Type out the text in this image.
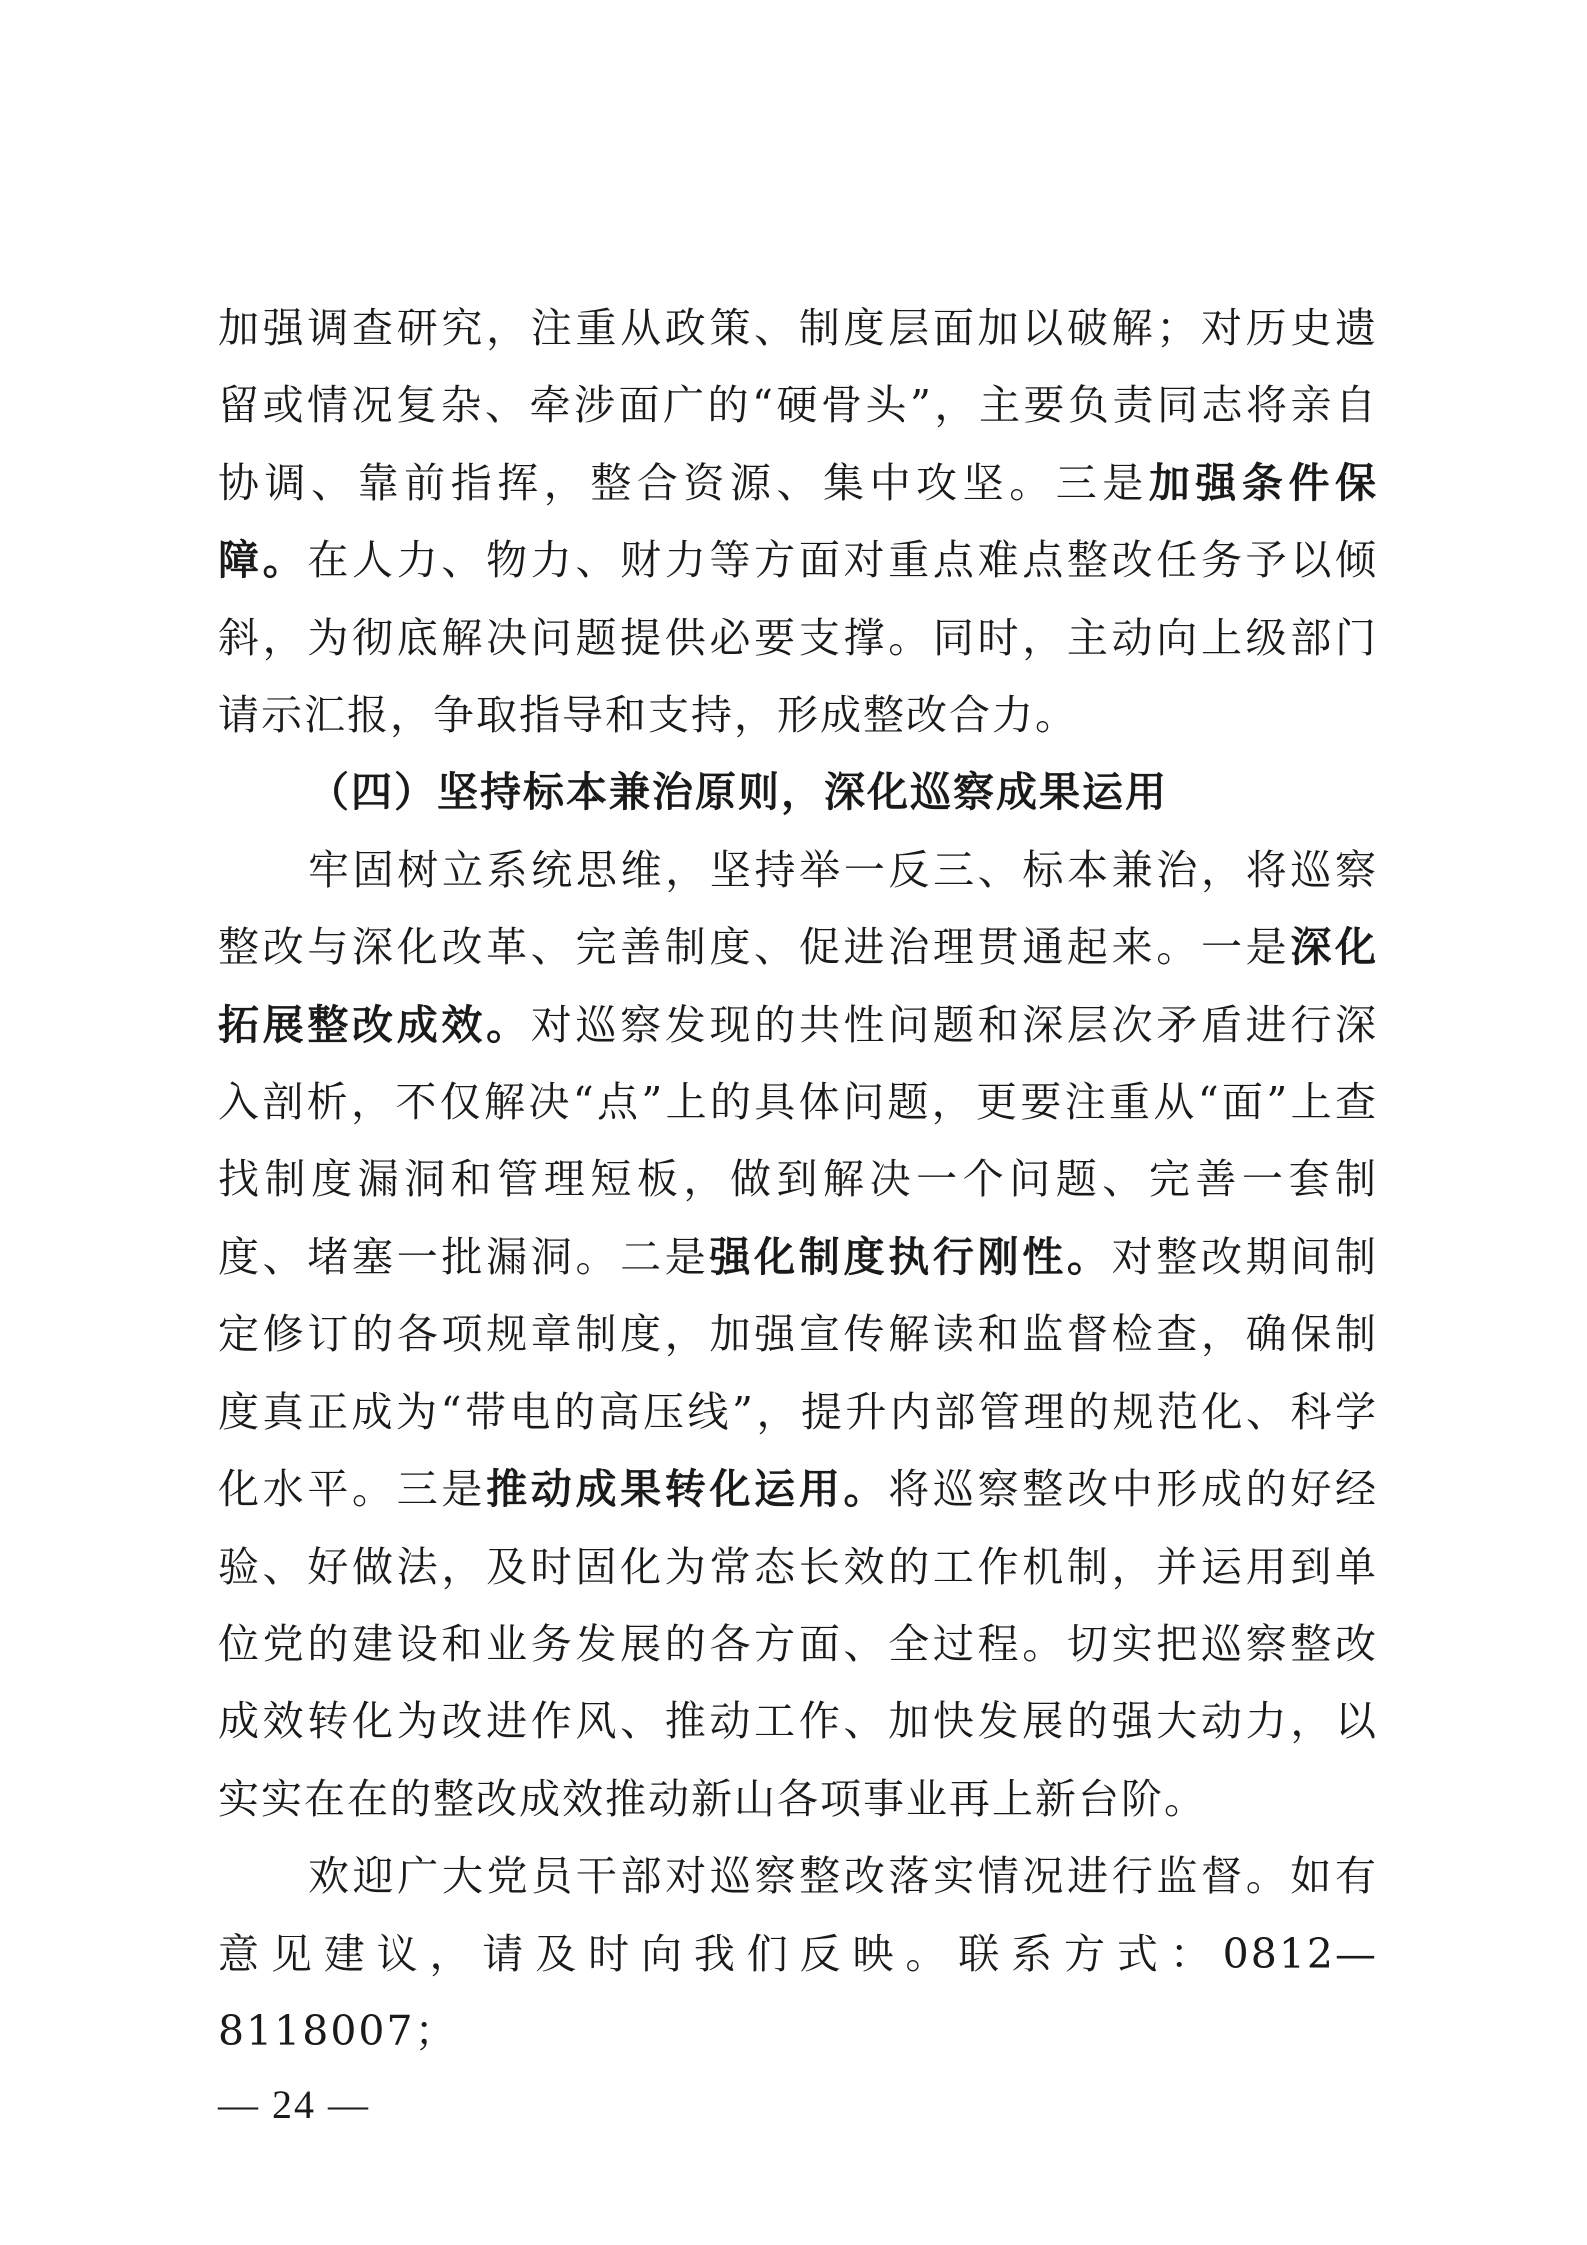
加强调查研究，注重从政策、制度层面加以破解；对历史遗留或情况复杂、牵涉面广的“硬骨头”，主要负责同志将亲自协调、靠前指挥，整合资源、集中攻坚。三是加强条件保障。在人力、物力、财力等方面对重点难点整改任务予以倾斜，为彻底解决问题提供必要支撑。同时，主动向上级部门请示汇报，争取指导和支持，形成整改合力。

（四）坚持标本兼治原则，深化巡察成果运用

牢固树立系统思维，坚持举一反三、标本兼治，将巡察整改与深化改革、完善制度、促进治理贯通起来。一是深化拓展整改成效。对巡察发现的共性问题和深层次矛盾进行深入剖析，不仅解决“点”上的具体问题，更要注重从“面”上查找制度漏洞和管理短板，做到解决一个问题、完善一套制度、堵塞一批漏洞。二是强化制度执行刚性。对整改期间制定修订的各项规章制度，加强宣传解读和监督检查，确保制度真正成为“带电的高压线”，提升内部管理的规范化、科学化水平。三是推动成果转化运用。将巡察整改中形成的好经验、好做法，及时固化为常态长效的工作机制，并运用到单位党的建设和业务发展的各方面、全过程。切实把巡察整改成效转化为改进作风、推动工作、加快发展的强大动力，以实实在在的整改成效推动新山各项事业再上新台阶。

欢迎广大党员干部对巡察整改落实情况进行监督。如有意见建议，请及时向我们反映。联系方式：0812—8118007；

— 24 —
